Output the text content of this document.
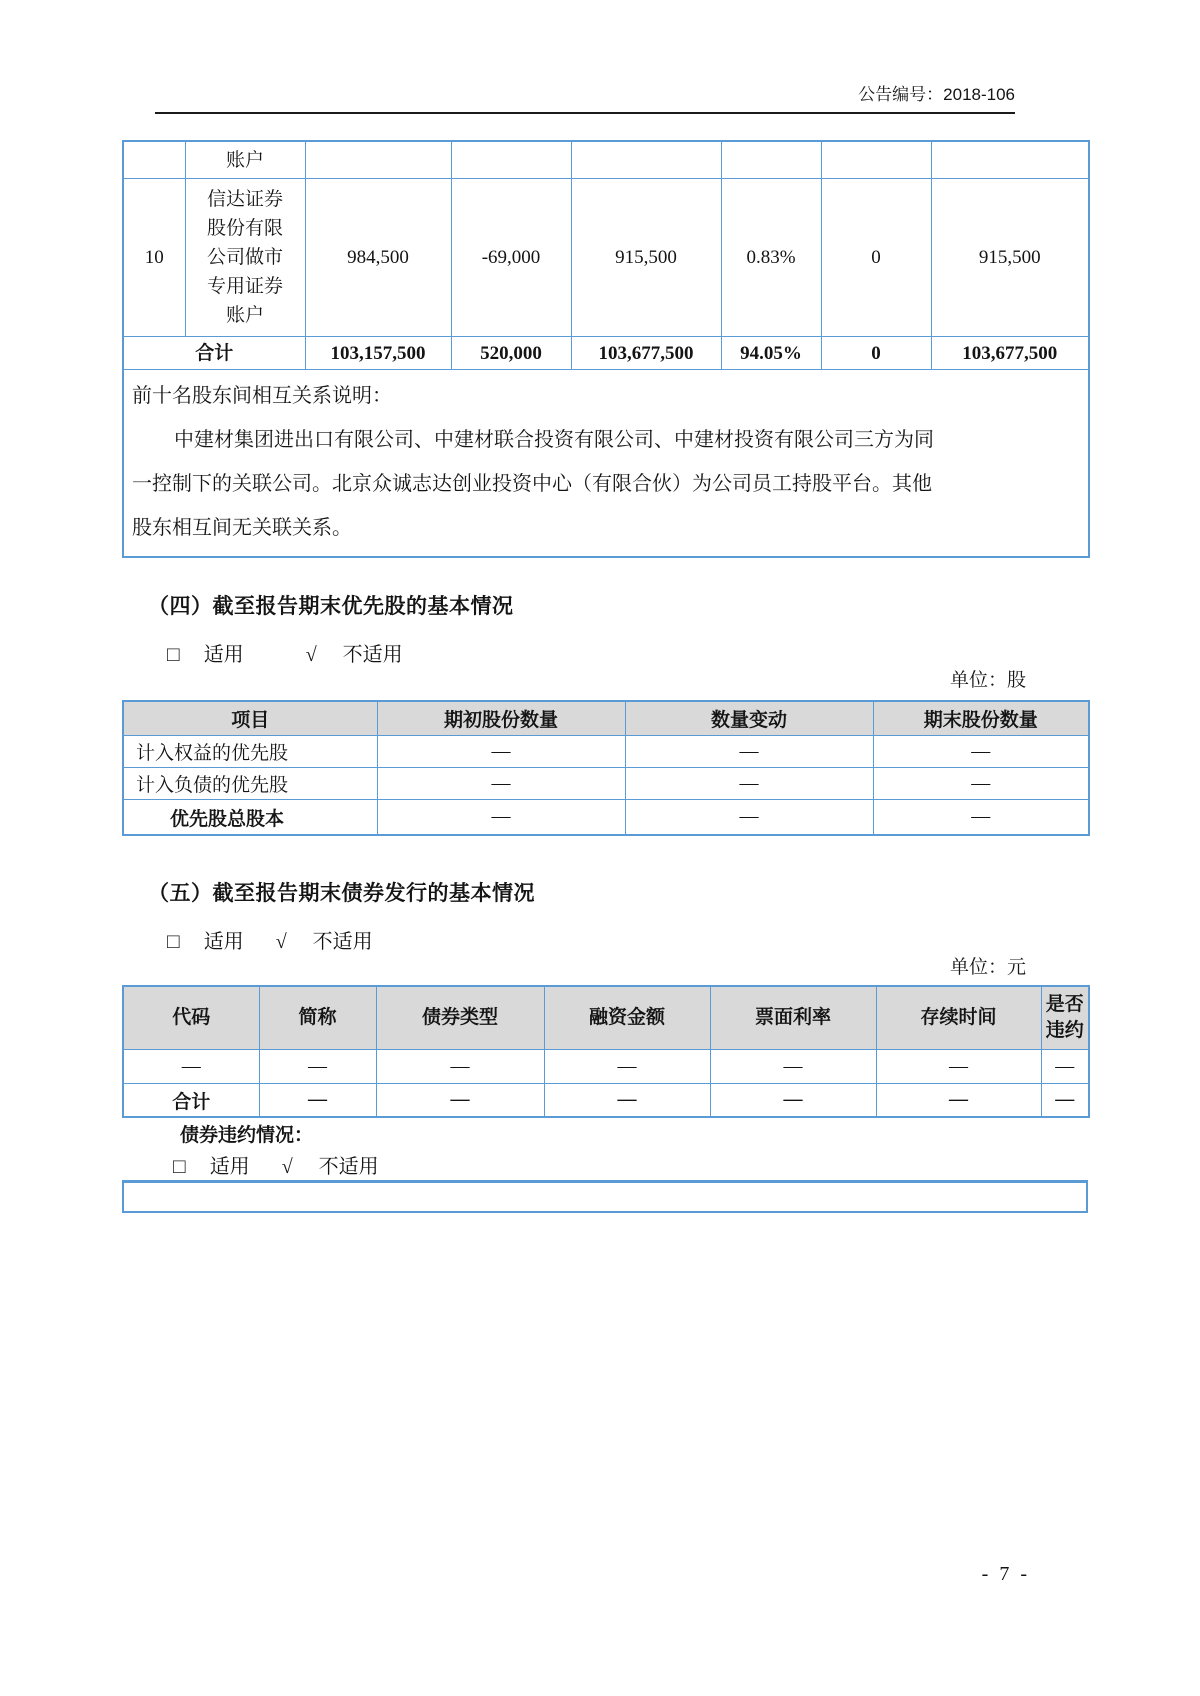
公告编号：2018-106
	账户						
10	信达证券
股份有限
公司做市
专用证券
账户	984,500	-69,000	915,500	0.83%	0	915,500
合计		103,157,500	520,000	103,677,500	94.05%	0	103,677,500

前十名股东间相互关系说明：
中建材集团进出口有限公司、中建材联合投资有限公司、中建材投资有限公司三方为同
一控制下的关联公司。北京众诚志达创业投资中心（有限合伙）为公司员工持股平台。其他
股东相互间无关联关系。							
（四）截至报告期末优先股的基本情况
□ 适用	√ 不适用
单位：股
项目	期初股份数量	数量变动	期末股份数量
计入权益的优先股	—	—	—
计入负债的优先股	—	—	—
优先股总股本	—	—	—
（五）截至报告期末债券发行的基本情况
□ 适用 √ 不适用
单位：元
代码	简称	债券类型	融资金额	票面利率	存续时间	是否违约
—	—	—	—	—	—	—
合计	—	—	—	—	—	—
债券违约情况：
□ 适用 √ 不适用
- 7 -
